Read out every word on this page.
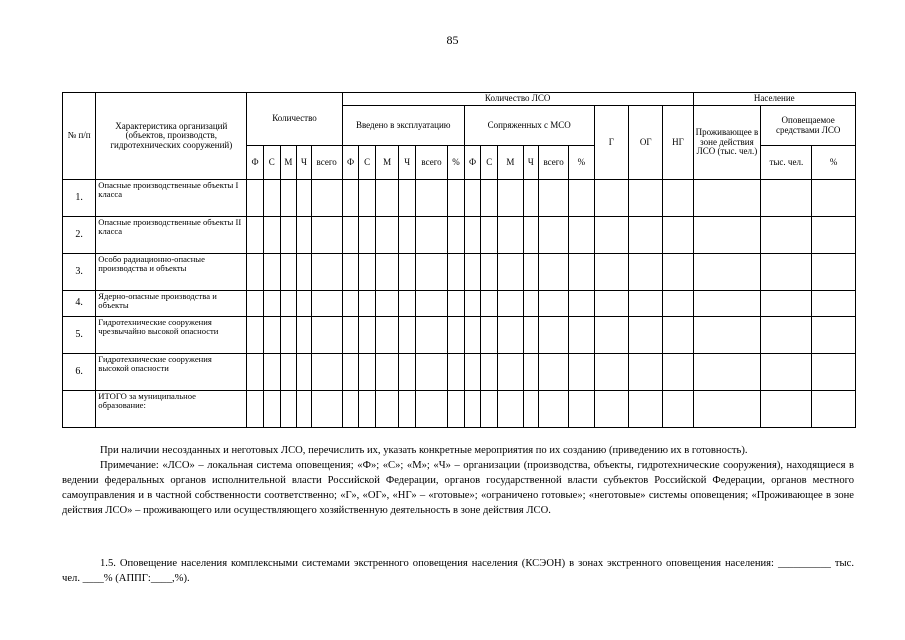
85
№ п/п	Характеристика организаций (объектов, производств, гидротехнических сооружений)	Количество					Количество ЛСО															Население		
							Введено в эксплуатацию						Сопряженных с МСО						Г	ОГ	НГ	Проживающее в зоне действия ЛСО (тыс. чел.)	Оповещаемое средствами ЛСО	
		Ф	С	М	Ч	всего	Ф	С	М	Ч	всего	%	Ф	С	М	Ч	всего	%					тыс. чел.	%
1.	Опасные производственные объекты I класса																							
2.	Опасные производственные объекты II класса																							
3.	Особо радиационно-опасные производства и объекты																							
4.	Ядерно-опасные производства и объекты																							
5.	Гидротехнические сооружения чрезвычайно высокой опасности																							
6.	Гидротехнические сооружения высокой опасности																							
	ИТОГО за муниципальное образование:																							

При наличии несозданных и неготовых ЛСО, перечислить их, указать конкретные мероприятия по их созданию (приведению их в готовность).

Примечание: «ЛСО» – локальная система оповещения; «Ф»; «С»; «М»; «Ч» – организации (производства, объекты, гидротехнические сооружения), находящиеся в ведении федеральных органов исполнительной власти Российской Федерации, органов государственной власти субъектов Российской Федерации, органов местного самоуправления и в частной собственности соответственно; «Г», «ОГ», «НГ» – «готовые»; «ограничено готовые»; «неготовые» системы оповещения; «Проживающее в зоне действия ЛСО» – проживающего или осуществляющего хозяйственную деятельность в зоне действия ЛСО.

1.5. Оповещение населения комплексными системами экстренного оповещения населения (КСЭОН) в зонах экстренного оповещения населения: __________ тыс. чел. ____% (АППГ:____,%).
